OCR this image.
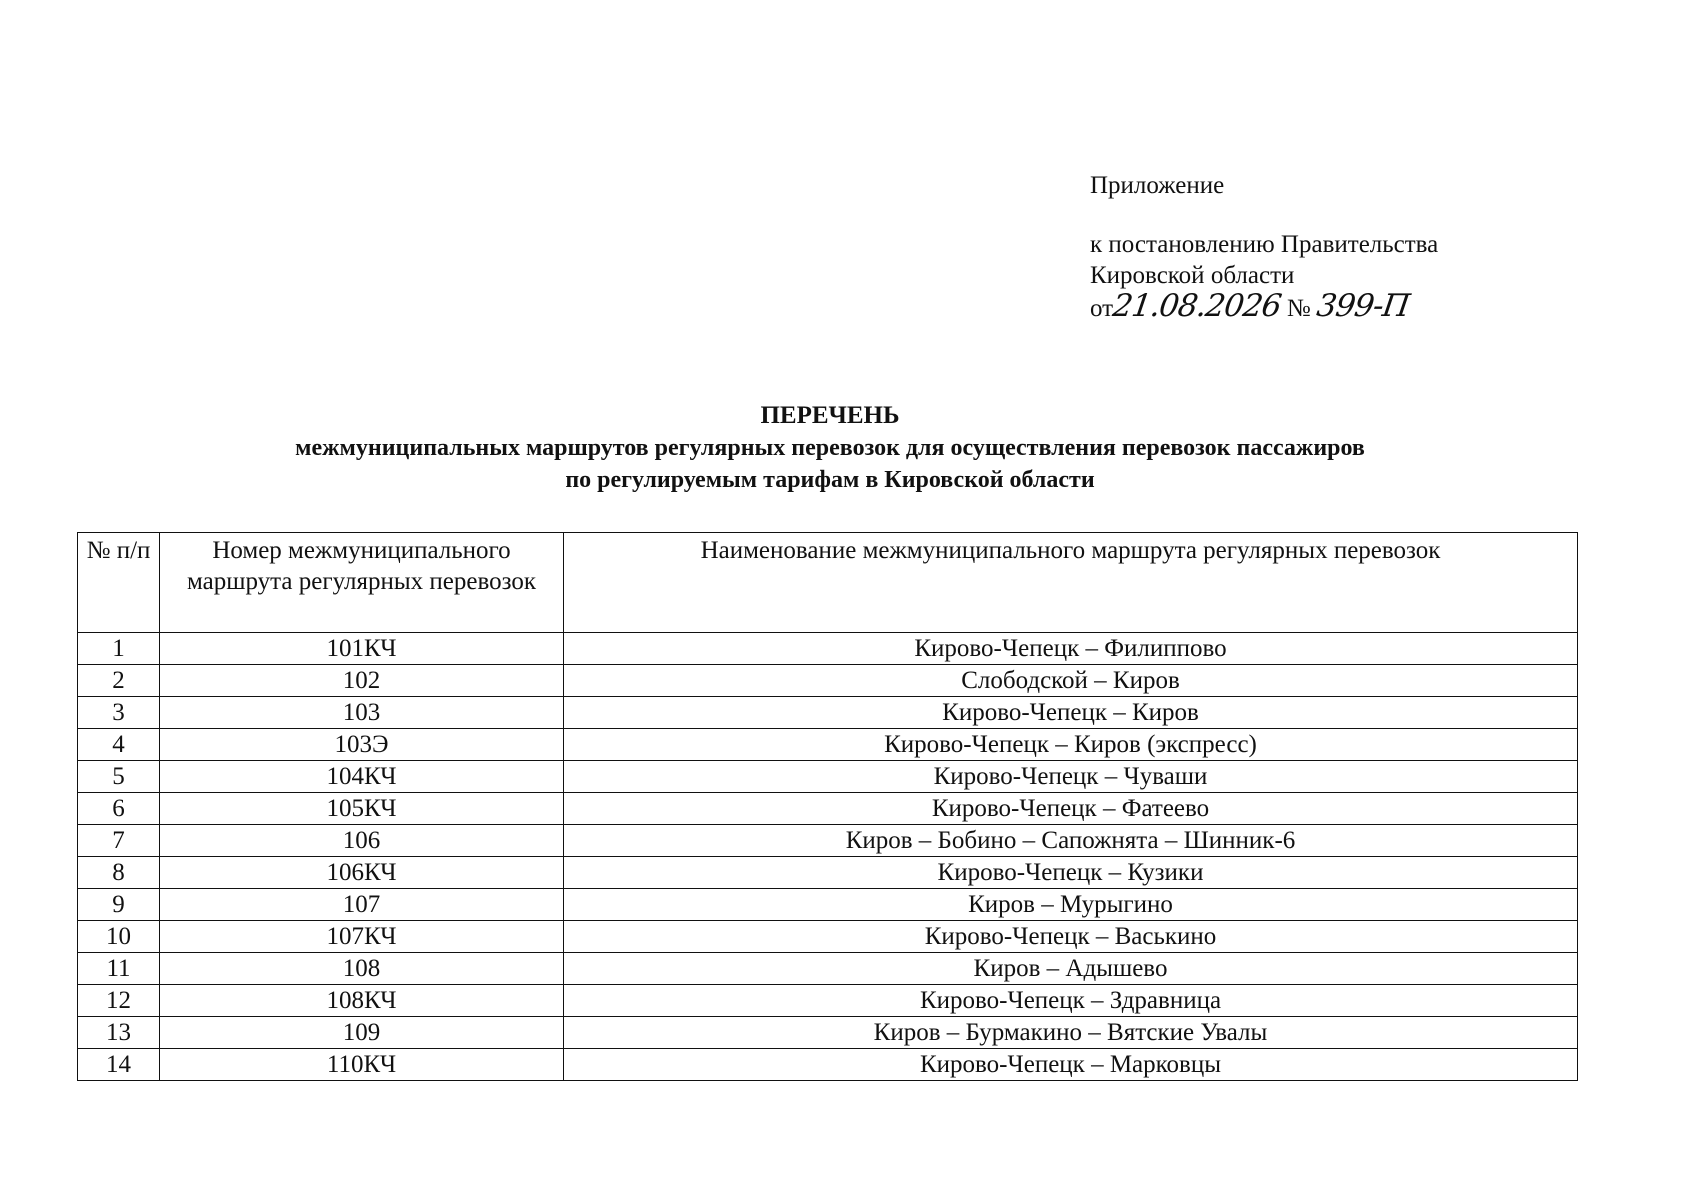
Приложение
к постановлению Правительства
Кировской области
от21.08.2026 № 399-П
ПЕРЕЧЕНЬ
межмуниципальных маршрутов регулярных перевозок для осуществления перевозок пассажиров
по регулируемым тарифам в Кировской области
№ п/п	Номер межмуниципального маршрута регулярных перевозок	Наименование межмуниципального маршрута регулярных перевозок
1	101КЧ	Кирово-Чепецк – Филиппово
2	102	Слободской – Киров
3	103	Кирово-Чепецк – Киров
4	103Э	Кирово-Чепецк – Киров (экспресс)
5	104КЧ	Кирово-Чепецк – Чуваши
6	105КЧ	Кирово-Чепецк – Фатеево
7	106	Киров – Бобино – Сапожнята – Шинник-6
8	106КЧ	Кирово-Чепецк – Кузики
9	107	Киров – Мурыгино
10	107КЧ	Кирово-Чепецк – Васькино
11	108	Киров – Адышево
12	108КЧ	Кирово-Чепецк – Здравница
13	109	Киров – Бурмакино – Вятские Увалы
14	110КЧ	Кирово-Чепецк – Марковцы
